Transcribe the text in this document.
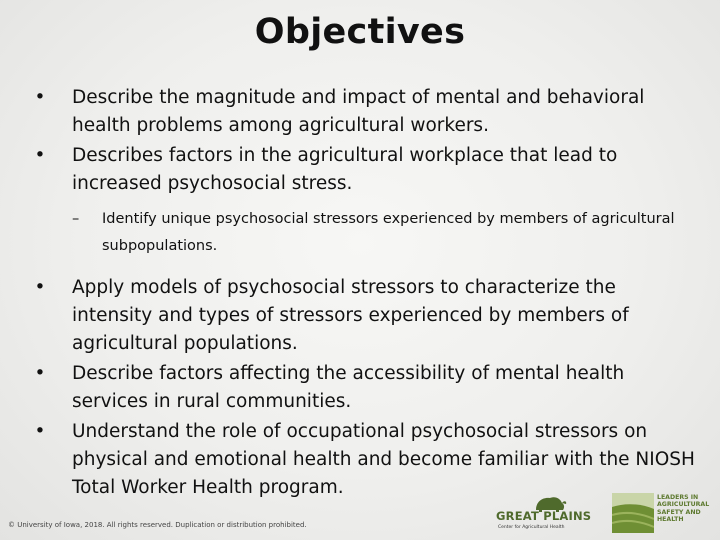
Objectives
• Describe the magnitude and impact of mental and behavioral health problems among agricultural workers.
• Describes factors in the agricultural workplace that lead to increased psychosocial stress.
– Identify unique psychosocial stressors experienced by members of agricultural subpopulations.
• Apply models of psychosocial stressors to characterize the intensity and types of stressors experienced by members of agricultural populations.
• Describe factors affecting the accessibility of mental health services in rural communities.
• Understand the role of occupational psychosocial stressors on physical and emotional health and become familiar with the NIOSH Total Worker Health program.
© University of Iowa, 2018. All rights reserved. Duplication or distribution prohibited.
GREAT PLAINS
Center for Agricultural Health
LEADERS IN
AGRICULTURAL
SAFETY AND HEALTH
